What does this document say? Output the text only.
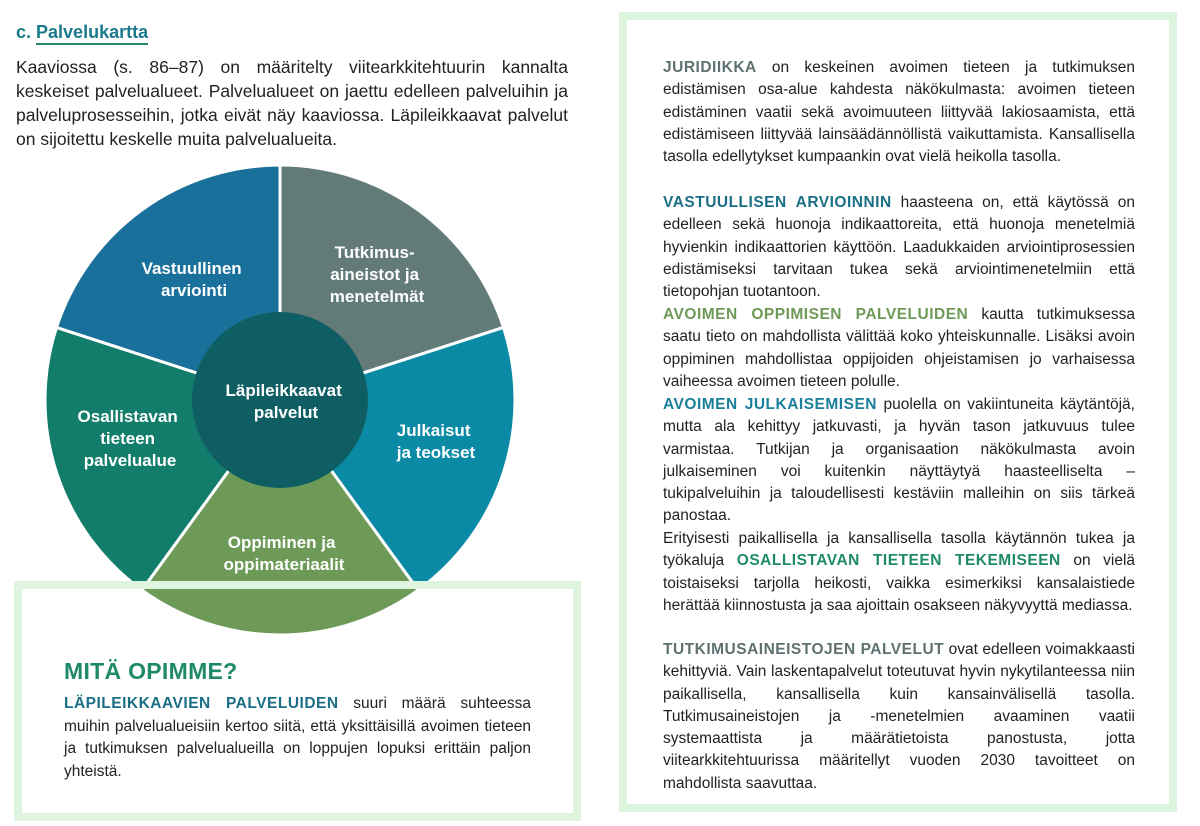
c. Palvelukartta

Kaaviossa (s. 86–87) on määritelty viitearkkitehtuurin kannalta keskeiset palvelualueet. Palvelualueet on jaettu edelleen palveluihin ja palveluprosesseihin, jotka eivät näy kaaviossa. Läpileikkaavat palvelut on sijoitettu keskelle muita palvelualueita.

Tutkimus- aineistot ja menetelmät
Julkaisut ja teokset
Oppiminen ja oppimateriaalit
Osallistavan tieteen palvelualue
Vastuullinen arviointi
Läpileikkaavat palvelut
MITÄ OPIMME?

LÄPILEIKKAAVIEN PALVELUIDEN suuri määrä suhteessa muihin palvelualueisiin kertoo siitä, että yksittäisillä avoimen tieteen ja tutkimuksen palvelualueilla on loppujen lopuksi erittäin paljon yhteistä.

JURIDIIKKA on keskeinen avoimen tieteen ja tutkimuksen edistämisen osa-alue kahdesta näkökulmasta: avoimen tieteen edistäminen vaatii sekä avoimuuteen liittyvää lakiosaamista, että edistämiseen liittyvää lainsäädännöllistä vaikuttamista. Kansallisella tasolla edellytykset kumpaankin ovat vielä heikolla tasolla.

VASTUULLISEN ARVIOINNIN haasteena on, että käytössä on edelleen sekä huonoja indikaattoreita, että huonoja menetelmiä hyvienkin indikaattorien käyttöön. Laadukkaiden arviointiprosessien edistämiseksi tarvitaan tukea sekä arviointimenetelmiin että tietopohjan tuotantoon.

AVOIMEN OPPIMISEN PALVELUIDEN kautta tutkimuksessa saatu tieto on mahdollista välittää koko yhteiskunnalle. Lisäksi avoin oppiminen mahdollistaa oppijoiden ohjeistamisen jo varhaisessa vaiheessa avoimen tieteen polulle.

AVOIMEN JULKAISEMISEN puolella on vakiintuneita käytäntöjä, mutta ala kehittyy jatkuvasti, ja hyvän tason jatkuvuus tulee varmistaa. Tutkijan ja organisaation näkökulmasta avoin julkaiseminen voi kuitenkin näyttäytyä haasteelliselta – tukipalveluihin ja taloudellisesti kestäviin malleihin on siis tärkeä panostaa.

Erityisesti paikallisella ja kansallisella tasolla käytännön tukea ja työkaluja OSALLISTAVAN TIETEEN TEKEMISEEN on vielä toistaiseksi tarjolla heikosti, vaikka esimerkiksi kansalaistiede herättää kiinnostusta ja saa ajoittain osakseen näkyvyyttä mediassa.

TUTKIMUSAINEISTOJEN PALVELUT ovat edelleen voimakkaasti kehittyviä. Vain laskentapalvelut toteutuvat hyvin nykytilanteessa niin paikallisella, kansallisella kuin kansainvälisellä tasolla. Tutkimusaineistojen ja -menetelmien avaaminen vaatii systemaattista ja määrätietoista panostusta, jotta viitearkkitehtuurissa määritellyt vuoden 2030 tavoitteet on mahdollista saavuttaa.
